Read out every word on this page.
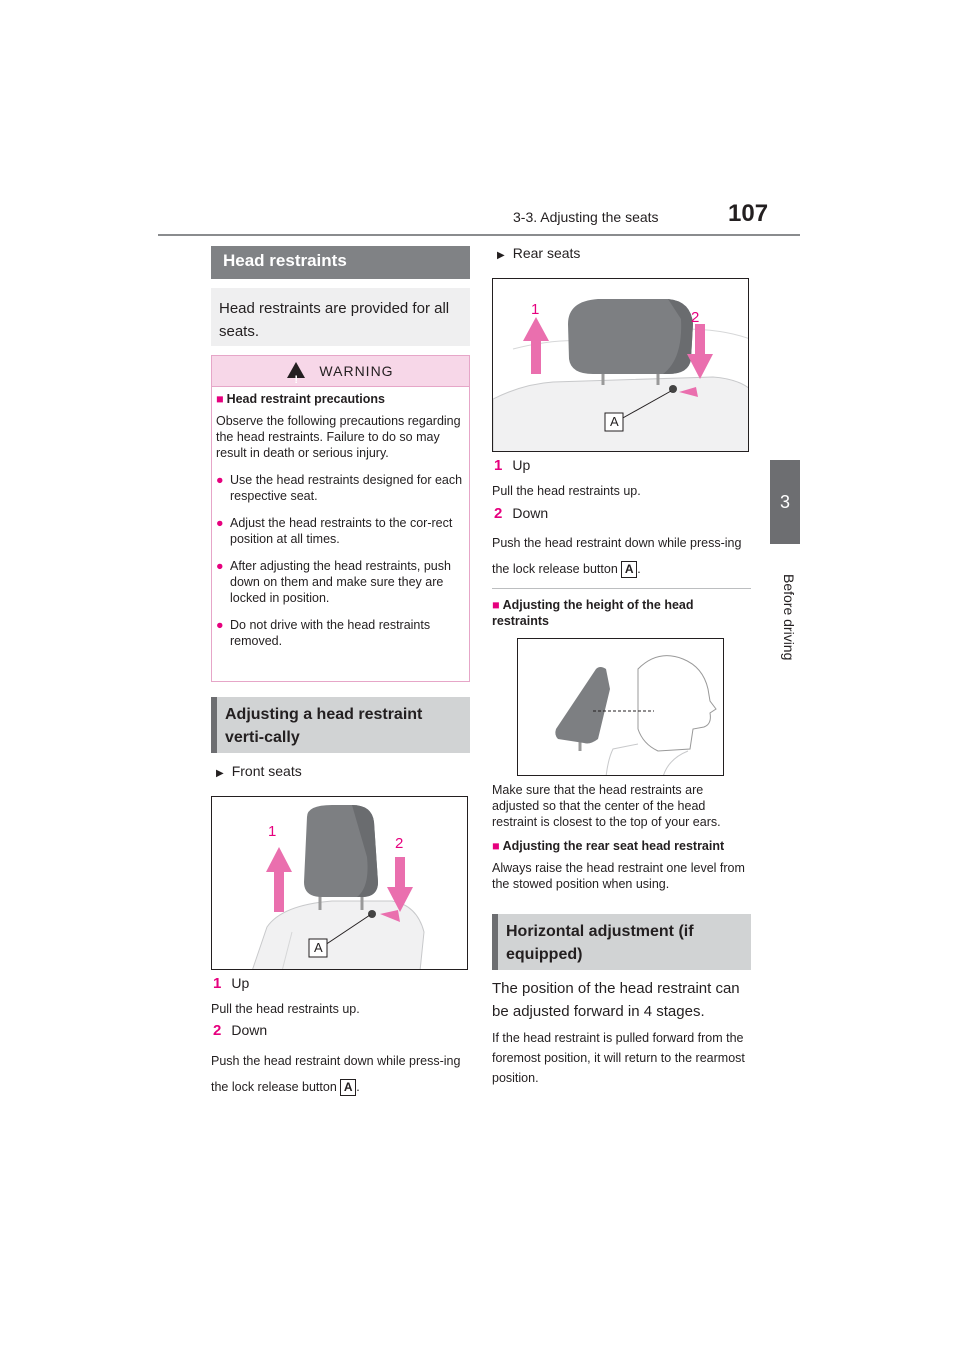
3-3. Adjusting the seats	107
3
Before driving
Head restraints
Head restraints are provided for all seats.
!
WARNING
■ Head restraint precautions
Observe the following precautions regarding the head restraints. Failure to do so may result in death or serious injury.
● Use the head restraints designed for each respective seat.
● Adjust the head restraints to the cor-rect position at all times.
● After adjusting the head restraints, push down on them and make sure they are locked in position.
● Do not drive with the head restraints removed.
Adjusting a head restraint verti-cally
▶ Front seats
1
2
A
1 Up
Pull the head restraints up.
2 Down
Push the head restraint down while press-ing the lock release button A .
▶ Rear seats
1	2
A
1 Up
Pull the head restraints up.
2 Down
Push the head restraint down while press-ing the lock release button A .
■ Adjusting the height of the head restraints
Make sure that the head restraints are adjusted so that the center of the head restraint is closest to the top of your ears.
■ Adjusting the rear seat head restraint
Always raise the head restraint one level from the stowed position when using.
Horizontal adjustment (if equipped)
The position of the head restraint can be adjusted forward in 4 stages.
If the head restraint is pulled forward from the foremost position, it will return to the rearmost position.
